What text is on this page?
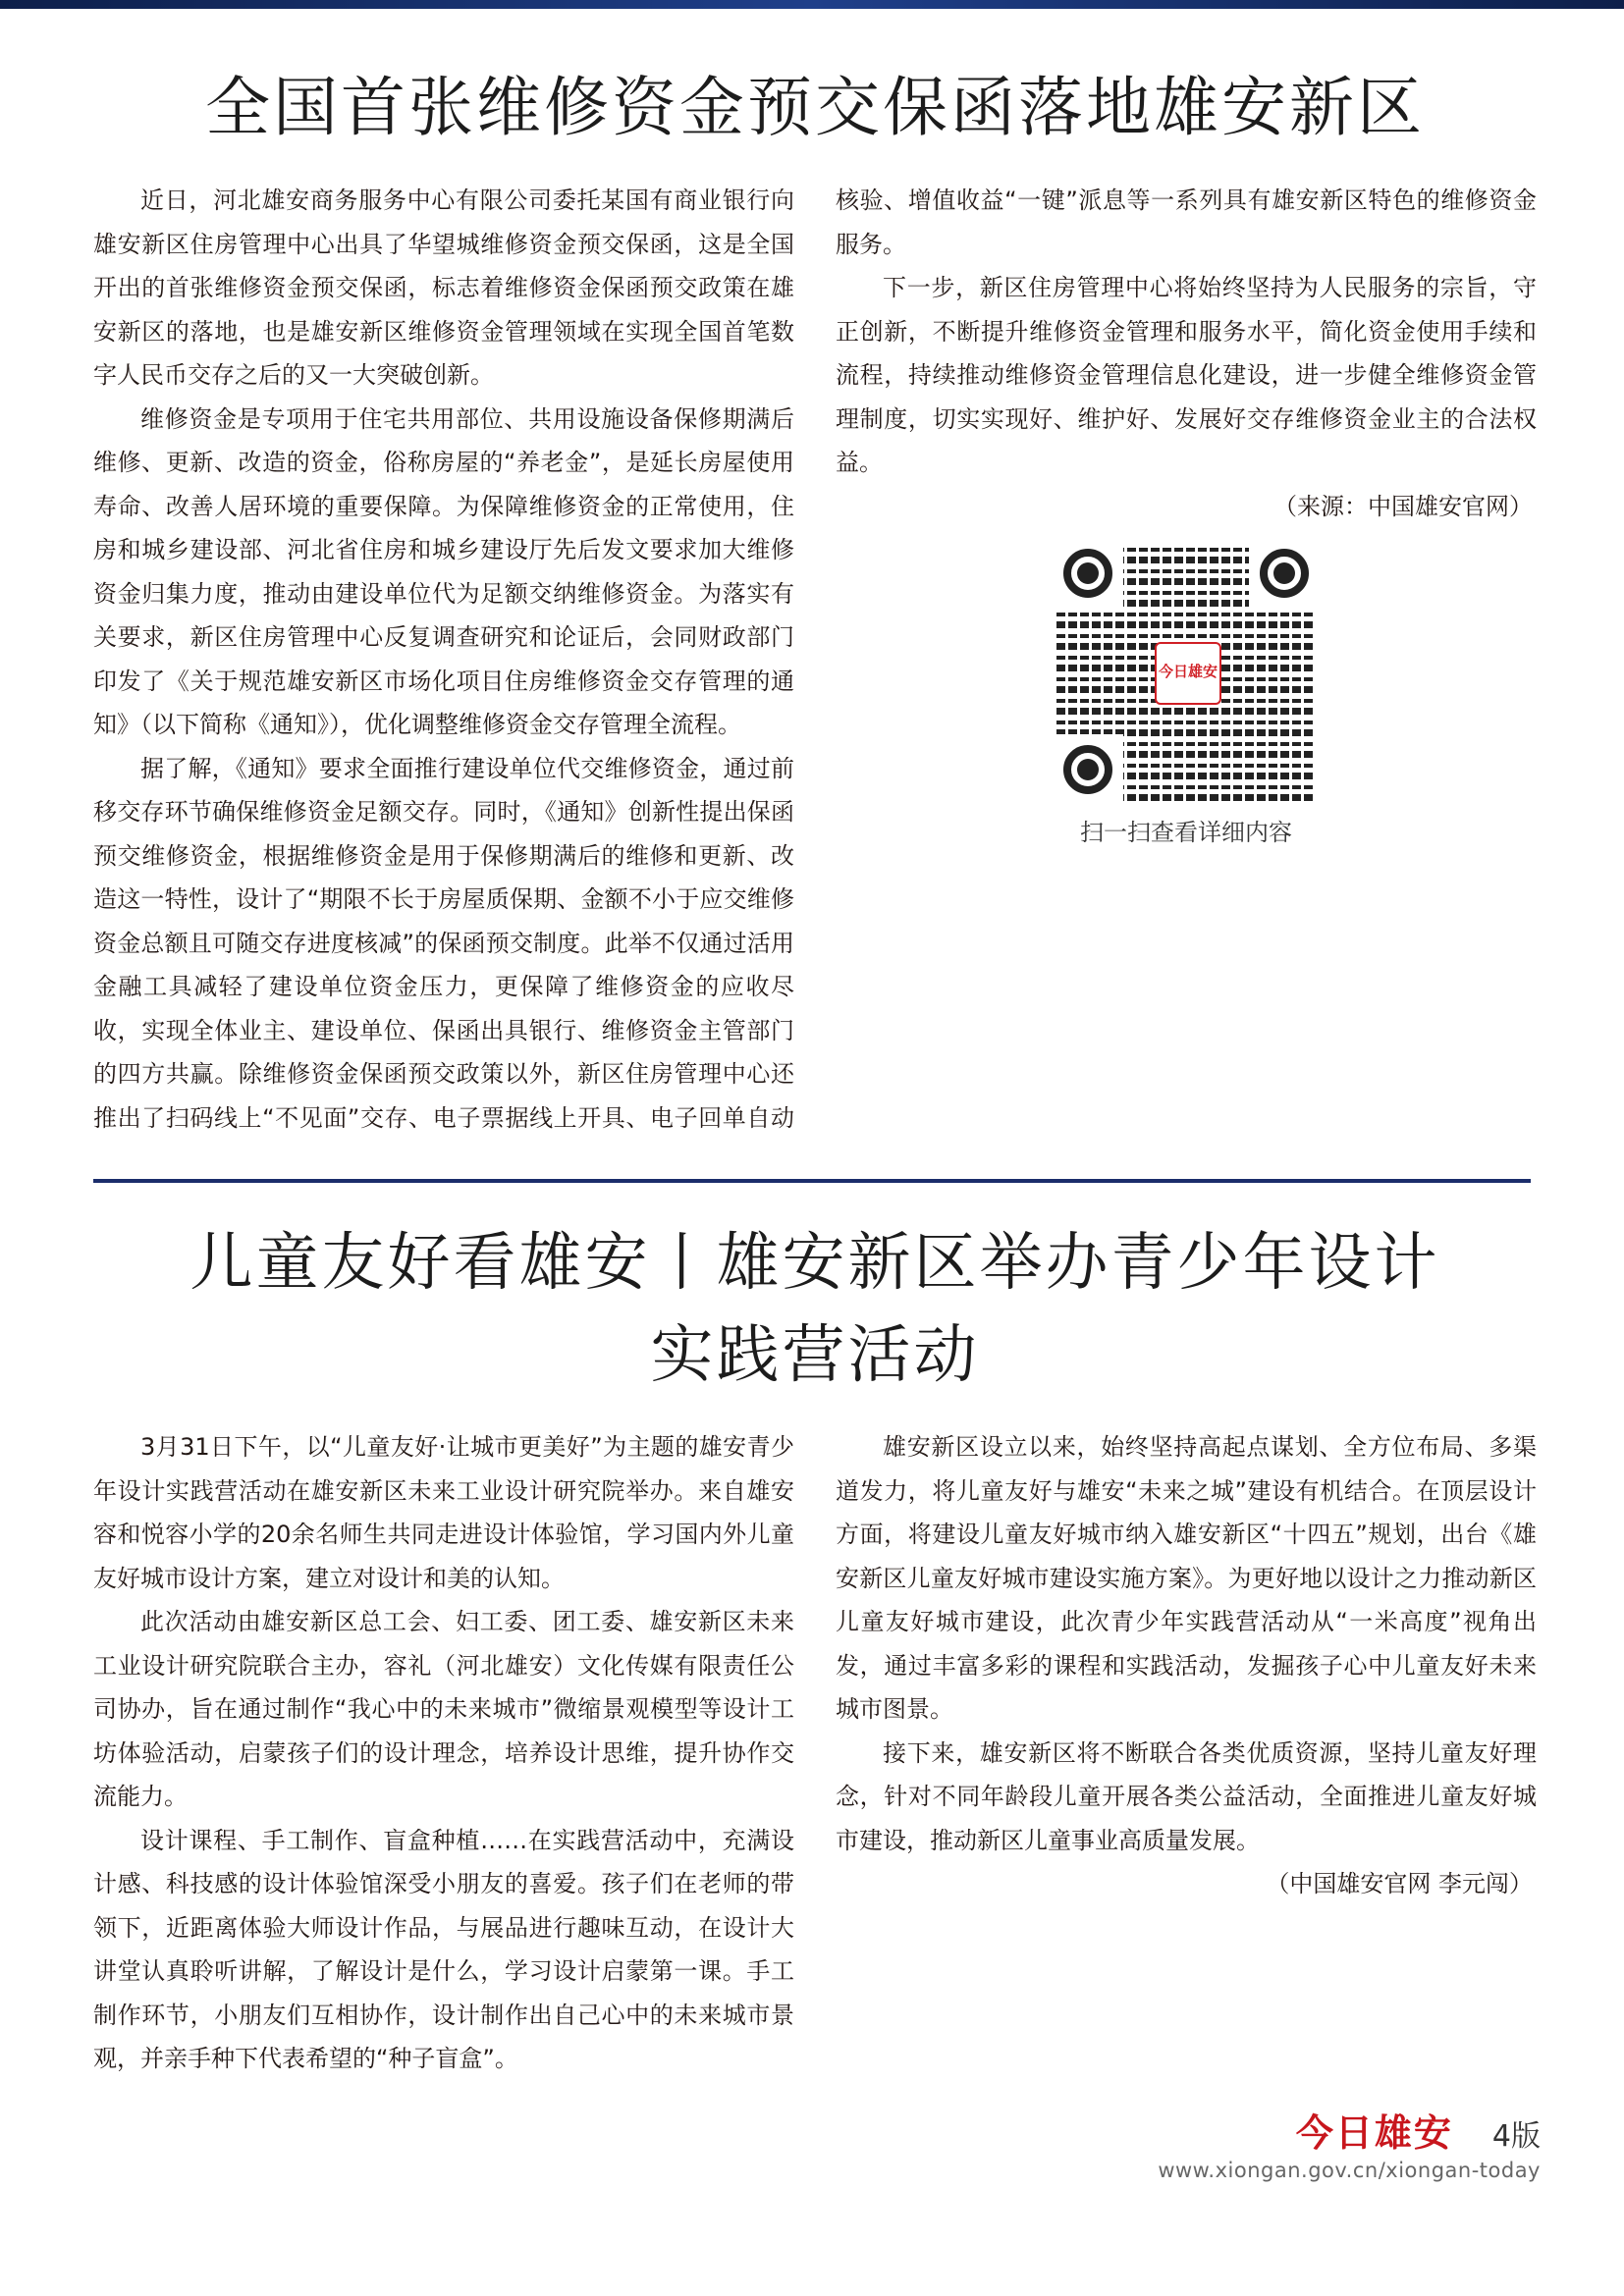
全国首张维修资金预交保函落地雄安新区

近日，河北雄安商务服务中心有限公司委托某国有商业银行向雄安新区住房管理中心出具了华望城维修资金预交保函，这是全国开出的首张维修资金预交保函，标志着维修资金保函预交政策在雄安新区的落地，也是雄安新区维修资金管理领域在实现全国首笔数字人民币交存之后的又一大突破创新。

维修资金是专项用于住宅共用部位、共用设施设备保修期满后维修、更新、改造的资金，俗称房屋的“养老金”，是延长房屋使用寿命、改善人居环境的重要保障。为保障维修资金的正常使用，住房和城乡建设部、河北省住房和城乡建设厅先后发文要求加大维修资金归集力度，推动由建设单位代为足额交纳维修资金。为落实有关要求，新区住房管理中心反复调查研究和论证后，会同财政部门印发了《关于规范雄安新区市场化项目住房维修资金交存管理的通知》（以下简称《通知》），优化调整维修资金交存管理全流程。

据了解，《通知》要求全面推行建设单位代交维修资金，通过前移交存环节确保维修资金足额交存。同时，《通知》创新性提出保函预交维修资金，根据维修资金是用于保修期满后的维修和更新、改造这一特性，设计了“期限不长于房屋质保期、金额不小于应交维修资金总额且可随交存进度核减”的保函预交制度。此举不仅通过活用金融工具减轻了建设单位资金压力，更保障了维修资金的应收尽收，实现全体业主、建设单位、保函出具银行、维修资金主管部门的四方共赢。除维修资金保函预交政策以外，新区住房管理中心还推出了扫码线上“不见面”交存、电子票据线上开具、电子回单自动核验、增值收益“一键”派息等一系列具有雄安新区特色的维修资金服务。

下一步，新区住房管理中心将始终坚持为人民服务的宗旨，守正创新，不断提升维修资金管理和服务水平，简化资金使用手续和流程，持续推动维修资金管理信息化建设，进一步健全维修资金管理制度，切实实现好、维护好、发展好交存维修资金业主的合法权益。

（来源：中国雄安官网）

今日雄安
扫一扫查看详细内容
儿童友好看雄安丨雄安新区举办青少年设计
实践营活动

3月31日下午，以“儿童友好·让城市更美好”为主题的雄安青少年设计实践营活动在雄安新区未来工业设计研究院举办。来自雄安容和悦容小学的20余名师生共同走进设计体验馆，学习国内外儿童友好城市设计方案，建立对设计和美的认知。

此次活动由雄安新区总工会、妇工委、团工委、雄安新区未来工业设计研究院联合主办，容礼（河北雄安）文化传媒有限责任公司协办，旨在通过制作“我心中的未来城市”微缩景观模型等设计工坊体验活动，启蒙孩子们的设计理念，培养设计思维，提升协作交流能力。

设计课程、手工制作、盲盒种植……在实践营活动中，充满设计感、科技感的设计体验馆深受小朋友的喜爱。孩子们在老师的带领下，近距离体验大师设计作品，与展品进行趣味互动，在设计大讲堂认真聆听讲解，了解设计是什么，学习设计启蒙第一课。手工制作环节，小朋友们互相协作，设计制作出自己心中的未来城市景观，并亲手种下代表希望的“种子盲盒”。

雄安新区设立以来，始终坚持高起点谋划、全方位布局、多渠道发力，将儿童友好与雄安“未来之城”建设有机结合。在顶层设计方面，将建设儿童友好城市纳入雄安新区“十四五”规划，出台《雄安新区儿童友好城市建设实施方案》。为更好地以设计之力推动新区儿童友好城市建设，此次青少年实践营活动从“一米高度”视角出发，通过丰富多彩的课程和实践活动，发掘孩子心中儿童友好未来城市图景。

接下来，雄安新区将不断联合各类优质资源，坚持儿童友好理念，针对不同年龄段儿童开展各类公益活动，全面推进儿童友好城市建设，推动新区儿童事业高质量发展。

（中国雄安官网 李元闯）

今日雄安 4版
www.xiongan.gov.cn/xiongan-today
